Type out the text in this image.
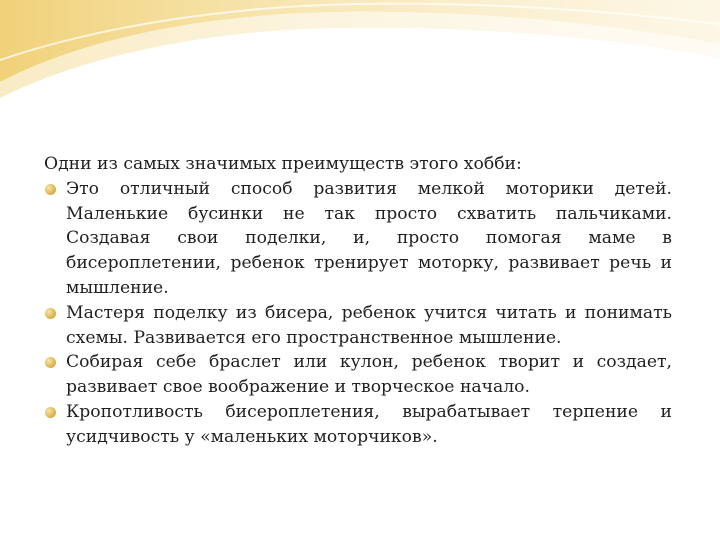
Одни из самых значимых преимуществ этого хобби:

Это отличный способ развития мелкой моторики детей. Маленькие бусинки не так просто схватить пальчиками. Создавая свои поделки, и, просто помогая маме в бисероплетении, ребенок тренирует моторку, развивает речь и мышление.
Мастеря поделку из бисера, ребенок учится читать и понимать схемы. Развивается его пространственное мышление.
Собирая себе браслет или кулон, ребенок творит и создает, развивает свое воображение и творческое начало.
Кропотливость бисероплетения, вырабатывает терпение и усидчивость у «маленьких моторчиков».
